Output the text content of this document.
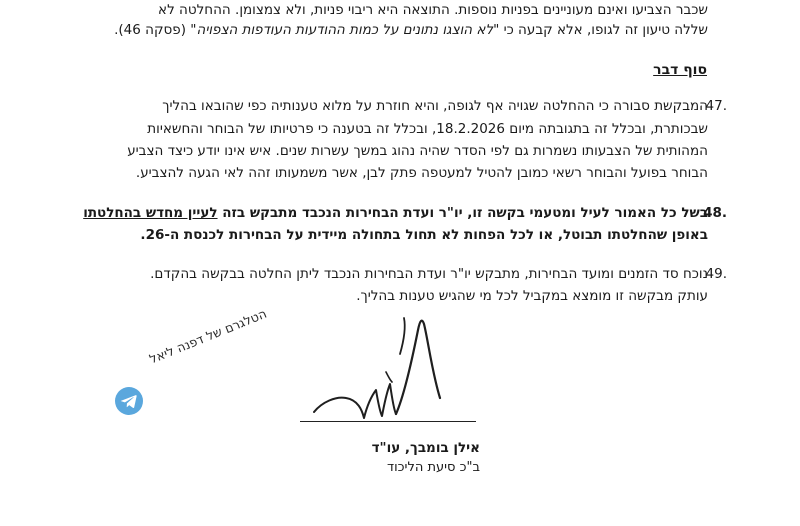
שכבר הצביעו ואינם מעוניינים בפניות נוספות. התוצאה היא ריבוי פניות, ולא צמצומן. ההחלטה לא
שללה טיעון זה לגופו, אלא קבעה כי "לא הוצגו נתונים על כמות ההודעות העודפות הצפויה" (פסקה 46).
סוף דבר
47.
המבקשת סבורה כי ההחלטה שגויה אף לגופה, והיא חוזרת על מלוא טענותיה כפי שהובאו בהליך
שבכותרת, ובכלל זה בתגובתה מיום 18.2.2026, ובכלל זה בטענה כי פרטיותו של הבוחר והחשאיות
המהותית של הצבעותו נשמרות גם לפי הסדר שהיה נהוג במשך עשרות שנים. איש אינו יודע כיצד הצביע
הבוחר בפועל והבוחר רשאי כמובן להטיל למעטפה פתק לבן, אשר משמעותו זהה לאי הגעה להצביע.
48.
בשל כל האמור לעיל ומטעמי בקשה זו, יו"ר ועדת הבחירות הנכבד מתבקש בזה לעיין מחדש בהחלטתו
באופן שהחלטתו תבוטל, או לכל הפחות לא תחול בתחולה מיידית על הבחירות לכנסת ה-26.
49.
נוכח סד הזמנים ומועד הבחירות, מתבקש יו"ר ועדת הבחירות הנכבד ליתן החלטה בבקשה בהקדם.
עותק מבקשה זו מומצא במקביל לכל מי שהגיש טענות בהליך.
אילן בומבך, עו"ד
ב"כ סיעת הליכוד
הטלגרם של דפנה ליאל
